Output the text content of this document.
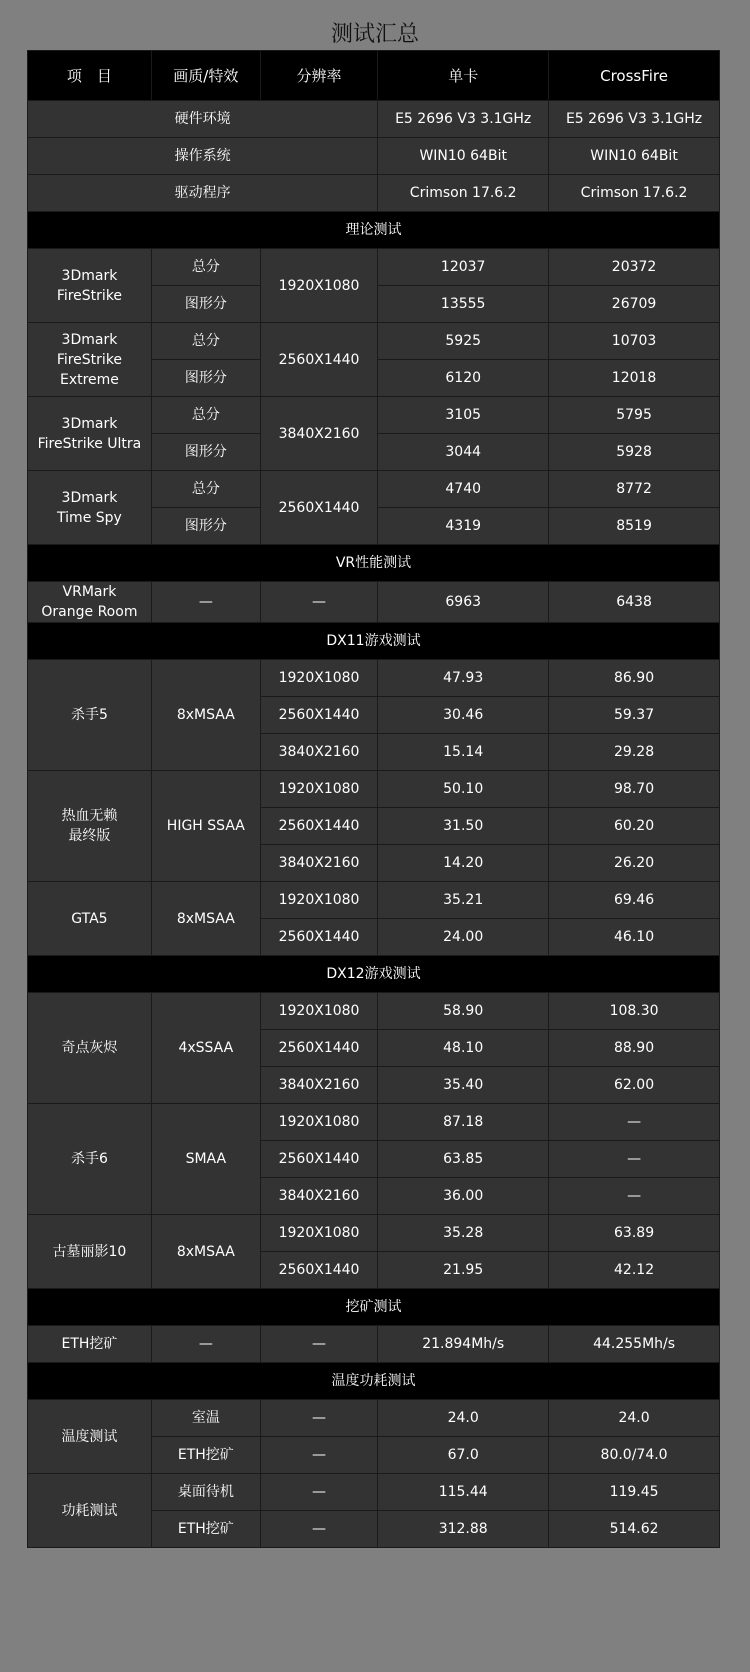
测试汇总
项　目	画质/特效	分辨率	单卡	CrossFire
硬件环境			E5 2696 V3 3.1GHz	E5 2696 V3 3.1GHz
操作系统			WIN10 64Bit	WIN10 64Bit
驱动程序			Crimson 17.6.2	Crimson 17.6.2
理论测试				
3Dmark
FireStrike	总分	1920X1080	12037	20372
	图形分		13555	26709
3Dmark
FireStrike
Extreme	总分	2560X1440	5925	10703
	图形分		6120	12018
3Dmark
FireStrike Ultra	总分	3840X2160	3105	5795
	图形分		3044	5928
3Dmark
Time Spy	总分	2560X1440	4740	8772
	图形分		4319	8519
VR性能测试				
VRMark
Orange Room	—	—	6963	6438
DX11游戏测试				
杀手5	8xMSAA	1920X1080	47.93	86.90
		2560X1440	30.46	59.37
		3840X2160	15.14	29.28
热血无赖
最终版	HIGH SSAA	1920X1080	50.10	98.70
		2560X1440	31.50	60.20
		3840X2160	14.20	26.20
GTA5	8xMSAA	1920X1080	35.21	69.46
		2560X1440	24.00	46.10
DX12游戏测试				
奇点灰烬	4xSSAA	1920X1080	58.90	108.30
		2560X1440	48.10	88.90
		3840X2160	35.40	62.00
杀手6	SMAA	1920X1080	87.18	—
		2560X1440	63.85	—
		3840X2160	36.00	—
古墓丽影10	8xMSAA	1920X1080	35.28	63.89
		2560X1440	21.95	42.12
挖矿测试				
ETH挖矿	—	—	21.894Mh/s	44.255Mh/s
温度功耗测试				
温度测试	室温	—	24.0	24.0
	ETH挖矿	—	67.0	80.0/74.0
功耗测试	桌面待机	—	115.44	119.45
	ETH挖矿	—	312.88	514.62
